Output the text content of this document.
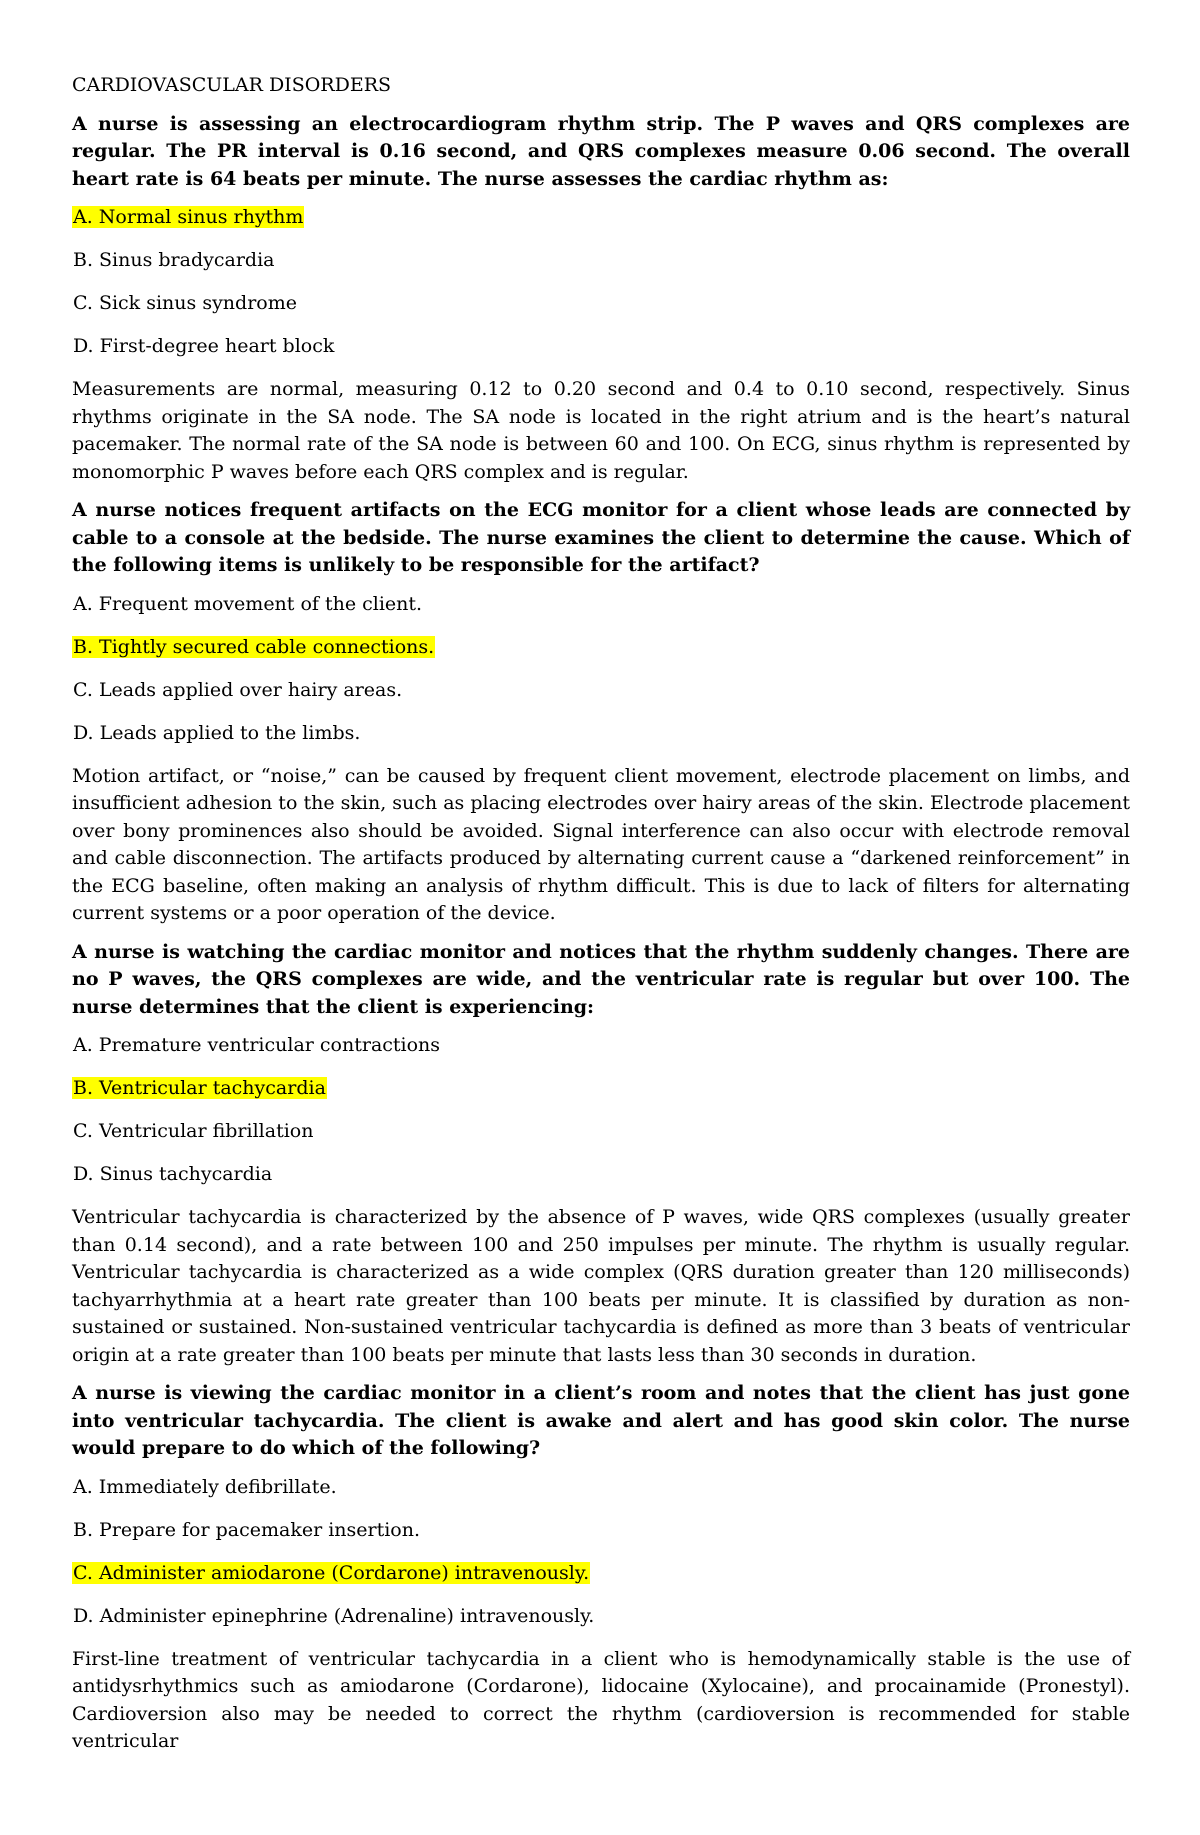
CARDIOVASCULAR DISORDERS

A nurse is assessing an electrocardiogram rhythm strip. The P waves and QRS complexes are regular. The PR interval is 0.16 second, and QRS complexes measure 0.06 second. The overall heart rate is 64 beats per minute. The nurse assesses the cardiac rhythm as:

A. Normal sinus rhythm

B. Sinus bradycardia

C. Sick sinus syndrome

D. First-degree heart block

Measurements are normal, measuring 0.12 to 0.20 second and 0.4 to 0.10 second, respectively. Sinus rhythms originate in the SA node. The SA node is located in the right atrium and is the heart’s natural pacemaker. The normal rate of the SA node is between 60 and 100. On ECG, sinus rhythm is represented by monomorphic P waves before each QRS complex and is regular.

A nurse notices frequent artifacts on the ECG monitor for a client whose leads are connected by cable to a console at the bedside. The nurse examines the client to determine the cause. Which of the following items is unlikely to be responsible for the artifact?

A. Frequent movement of the client.

B. Tightly secured cable connections.

C. Leads applied over hairy areas.

D. Leads applied to the limbs.

Motion artifact, or “noise,” can be caused by frequent client movement, electrode placement on limbs, and insufficient adhesion to the skin, such as placing electrodes over hairy areas of the skin. Electrode placement over bony prominences also should be avoided. Signal interference can also occur with electrode removal and cable disconnection. The artifacts produced by alternating current cause a “darkened reinforcement” in the ECG baseline, often making an analysis of rhythm difficult. This is due to lack of filters for alternating current systems or a poor operation of the device.

A nurse is watching the cardiac monitor and notices that the rhythm suddenly changes. There are no P waves, the QRS complexes are wide, and the ventricular rate is regular but over 100. The nurse determines that the client is experiencing:

A. Premature ventricular contractions

B. Ventricular tachycardia

C. Ventricular fibrillation

D. Sinus tachycardia

Ventricular tachycardia is characterized by the absence of P waves, wide QRS complexes (usually greater than 0.14 second), and a rate between 100 and 250 impulses per minute. The rhythm is usually regular. Ventricular tachycardia is characterized as a wide complex (QRS duration greater than 120 milliseconds) tachyarrhythmia at a heart rate greater than 100 beats per minute. It is classified by duration as non-sustained or sustained. Non-sustained ventricular tachycardia is defined as more than 3 beats of ventricular origin at a rate greater than 100 beats per minute that lasts less than 30 seconds in duration.

A nurse is viewing the cardiac monitor in a client’s room and notes that the client has just gone into ventricular tachycardia. The client is awake and alert and has good skin color. The nurse would prepare to do which of the following?

A. Immediately defibrillate.

B. Prepare for pacemaker insertion.

C. Administer amiodarone (Cordarone) intravenously.

D. Administer epinephrine (Adrenaline) intravenously.

First-line treatment of ventricular tachycardia in a client who is hemodynamically stable is the use of antidysrhythmics such as amiodarone (Cordarone), lidocaine (Xylocaine), and procainamide (Pronestyl). Cardioversion also may be needed to correct the rhythm (cardioversion is recommended for stable ventricular
